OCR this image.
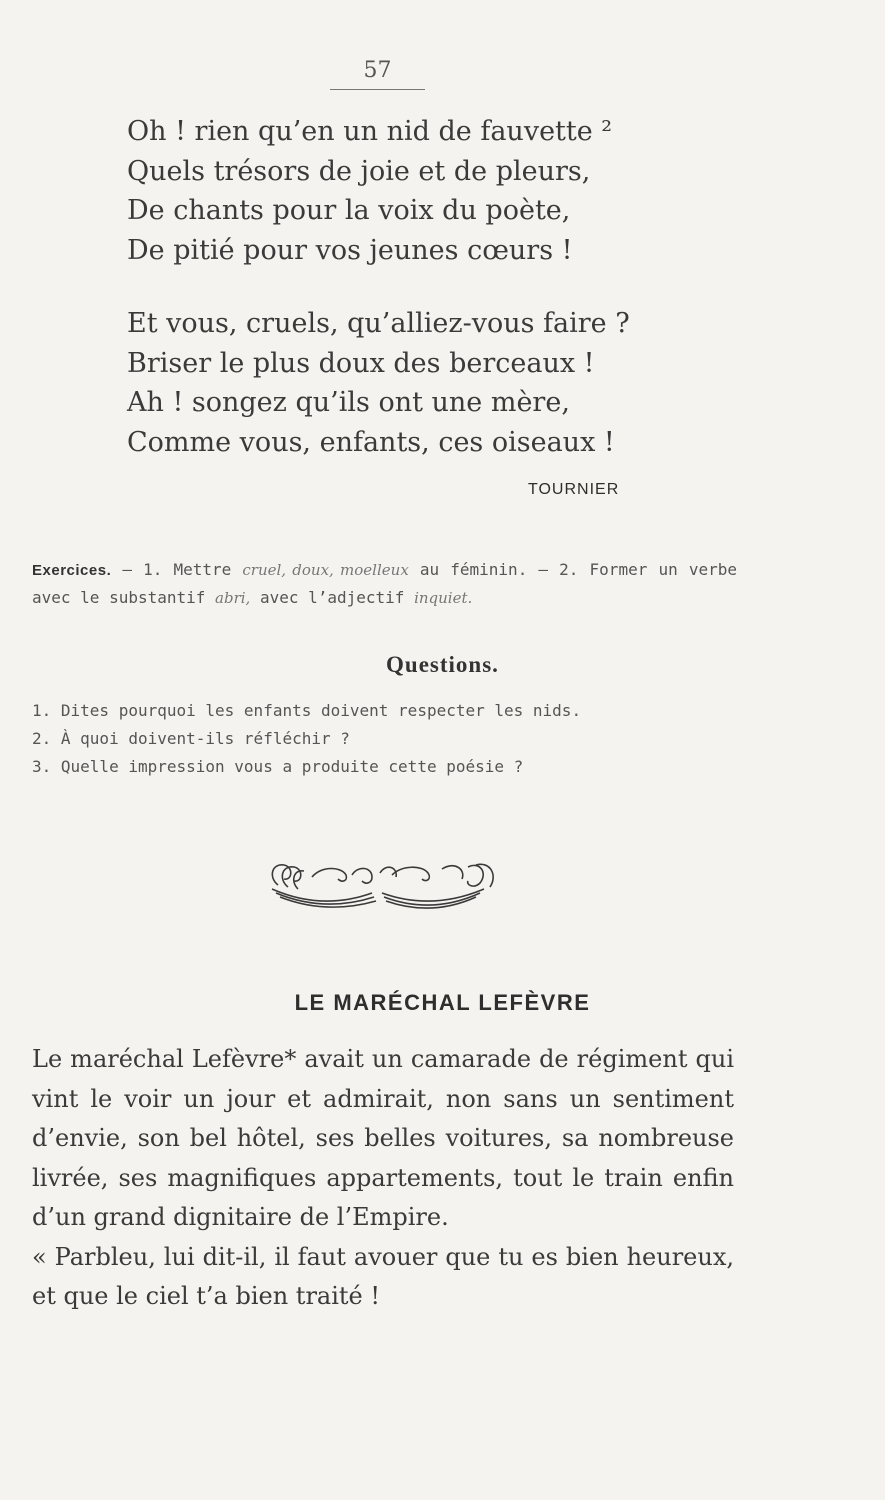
57
Oh ! rien qu’en un nid de fauvette ²
Quels trésors de joie et de pleurs,
De chants pour la voix du poète,
De pitié pour vos jeunes cœurs !
Et vous, cruels, qu’alliez-vous faire ?
Briser le plus doux des berceaux !
Ah ! songez qu’ils ont une mère,
Comme vous, enfants, ces oiseaux !
TOURNIER
Exercices. — 1. Mettre cruel, doux, moelleux au féminin. — 2. Former un verbe avec le substantif abri, avec l’adjectif inquiet.
Questions.
1. Dites pourquoi les enfants doivent respecter les nids.
2. À quoi doivent-ils réfléchir ?
3. Quelle impression vous a produite cette poésie ?
LE MARÉCHAL LEFÈVRE

Le maréchal Lefèvre* avait un camarade de régiment qui vint le voir un jour et admirait, non sans un sentiment d’envie, son bel hôtel, ses belles voitures, sa nombreuse livrée, ses magnifiques appartements, tout le train enfin d’un grand dignitaire de l’Empire.

« Parbleu, lui dit-il, il faut avouer que tu es bien heureux, et que le ciel t’a bien traité !
